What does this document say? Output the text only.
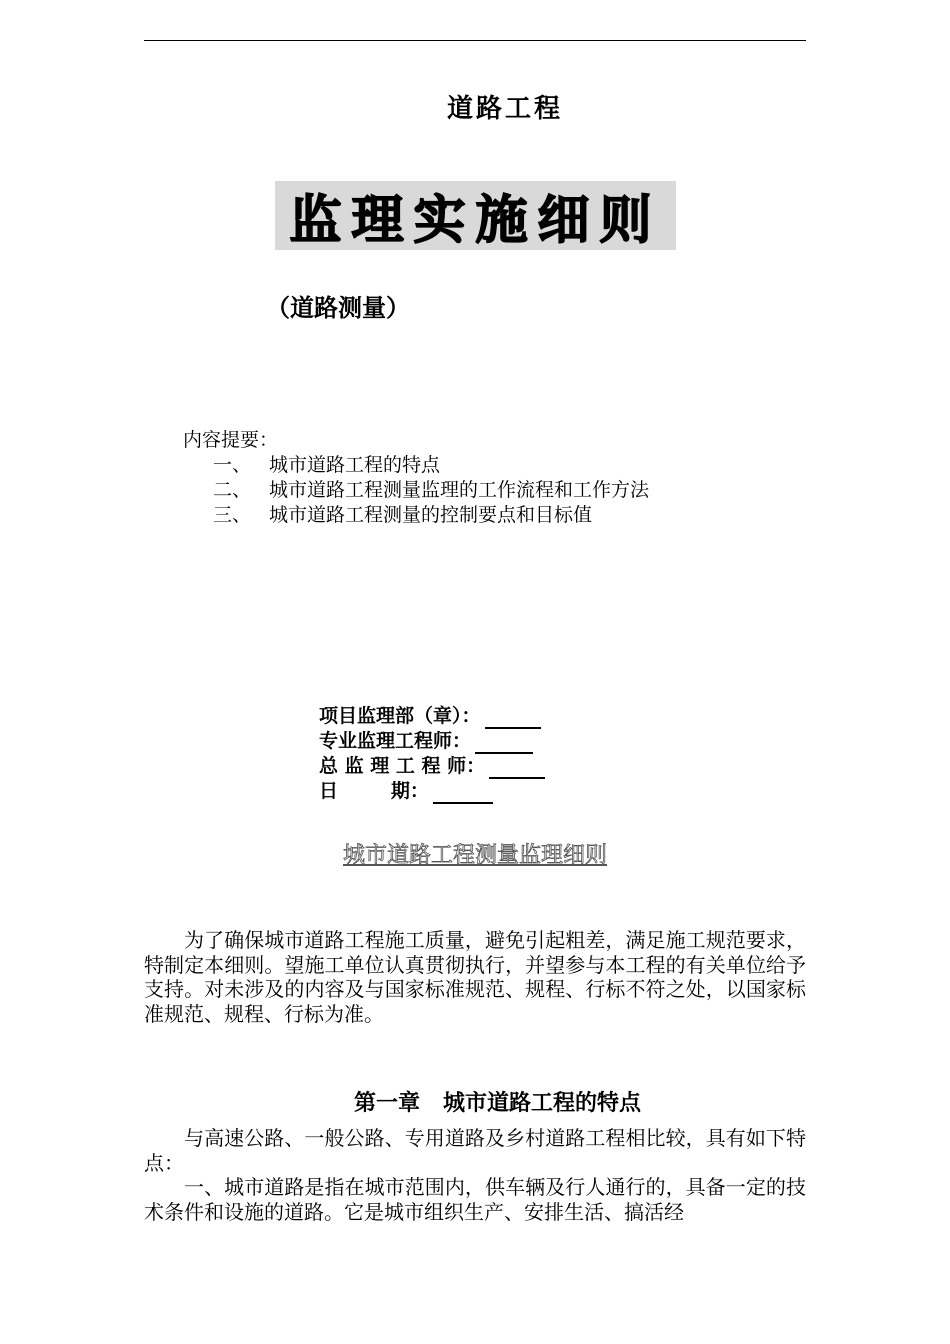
道路工程
监理实施细则
（道路测量）
内容提要：
一、 城市道路工程的特点
二、 城市道路工程测量监理的工作流程和工作方法
三、 城市道路工程测量的控制要点和目标值
项目监理部（章）：
专业监理工程师：
总 监 理 工 程 师：
日        期：
城市道路工程测量监理细则
为了确保城市道路工程施工质量，避免引起粗差，满足施工规范要求，特制定本细则。望施工单位认真贯彻执行，并望参与本工程的有关单位给予支持。对未涉及的内容及与国家标准规范、规程、行标不符之处，以国家标准规范、规程、行标为准。
第一章   城市道路工程的特点
与高速公路、一般公路、专用道路及乡村道路工程相比较，具有如下特点：
一、城市道路是指在城市范围内，供车辆及行人通行的，具备一定的技术条件和设施的道路。它是城市组织生产、安排生活、搞活经
